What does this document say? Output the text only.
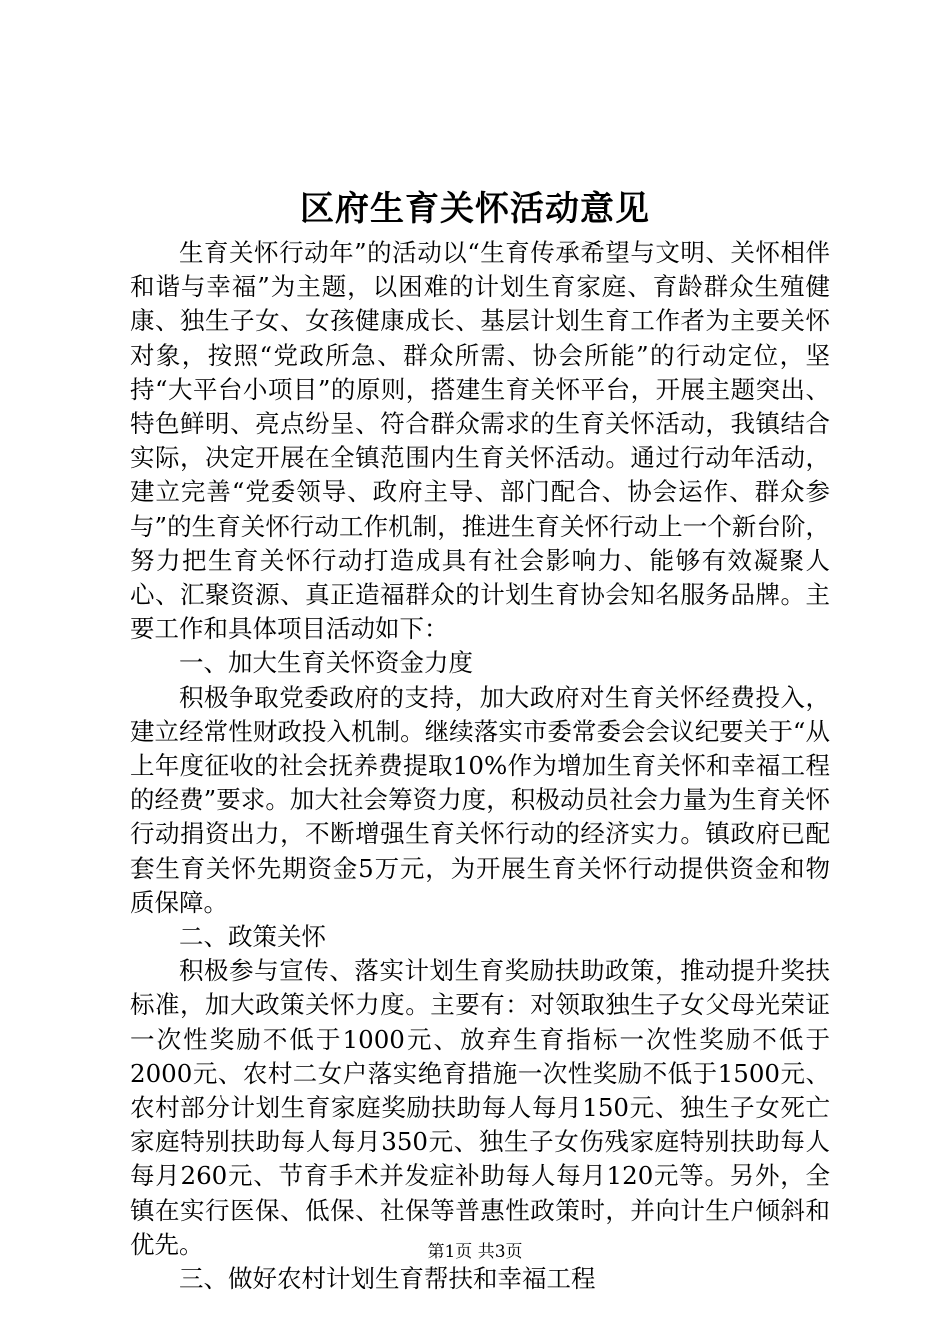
区府生育关怀活动意见

生育关怀行动年”的活动以“生育传承希望与文明、关怀相伴和谐与幸福”为主题，以困难的计划生育家庭、育龄群众生殖健康、独生子女、女孩健康成长、基层计划生育工作者为主要关怀对象，按照“党政所急、群众所需、协会所能”的行动定位，坚持“大平台小项目”的原则，搭建生育关怀平台，开展主题突出、特色鲜明、亮点纷呈、符合群众需求的生育关怀活动，我镇结合实际，决定开展在全镇范围内生育关怀活动。通过行动年活动，建立完善“党委领导、政府主导、部门配合、协会运作、群众参与”的生育关怀行动工作机制，推进生育关怀行动上一个新台阶，努力把生育关怀行动打造成具有社会影响力、能够有效凝聚人心、汇聚资源、真正造福群众的计划生育协会知名服务品牌。主要工作和具体项目活动如下：

一、加大生育关怀资金力度

积极争取党委政府的支持，加大政府对生育关怀经费投入，建立经常性财政投入机制。继续落实市委常委会会议纪要关于“从上年度征收的社会抚养费提取10%作为增加生育关怀和幸福工程的经费”要求。加大社会筹资力度，积极动员社会力量为生育关怀行动捐资出力，不断增强生育关怀行动的经济实力。镇政府已配套生育关怀先期资金5万元，为开展生育关怀行动提供资金和物质保障。

二、政策关怀

积极参与宣传、落实计划生育奖励扶助政策，推动提升奖扶标准，加大政策关怀力度。主要有：对领取独生子女父母光荣证一次性奖励不低于1000元、放弃生育指标一次性奖励不低于2000元、农村二女户落实绝育措施一次性奖励不低于1500元、农村部分计划生育家庭奖励扶助每人每月150元、独生子女死亡家庭特别扶助每人每月350元、独生子女伤残家庭特别扶助每人每月260元、节育手术并发症补助每人每月120元等。另外，全镇在实行医保、低保、社保等普惠性政策时，并向计生户倾斜和优先。

三、做好农村计划生育帮扶和幸福工程

第1页 共3页
